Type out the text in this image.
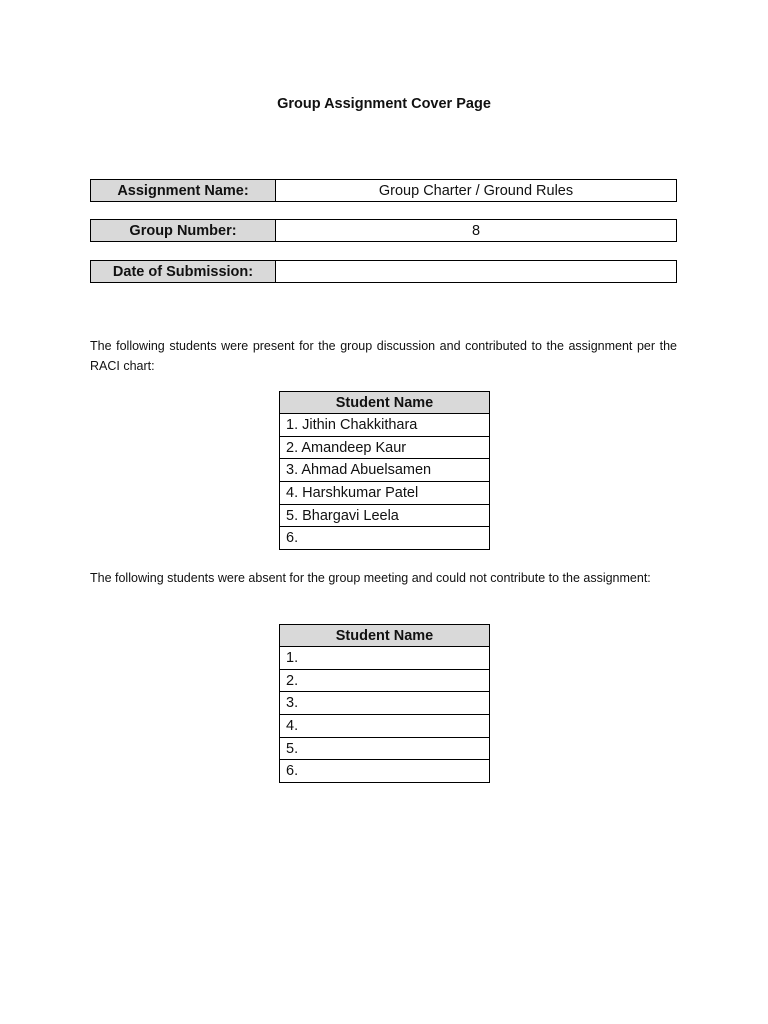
Group Assignment Cover Page
Assignment Name:	Group Charter / Ground Rules
Group Number:	8
Date of Submission:
The following students were present for the group discussion and contributed to the assignment per the RACI chart:
Student Name
1. Jithin Chakkithara
2. Amandeep Kaur
3. Ahmad Abuelsamen
4. Harshkumar Patel
5. Bhargavi Leela
6.
The following students were absent for the group meeting and could not contribute to the assignment:
Student Name
1.
2.
3.
4.
5.
6.
